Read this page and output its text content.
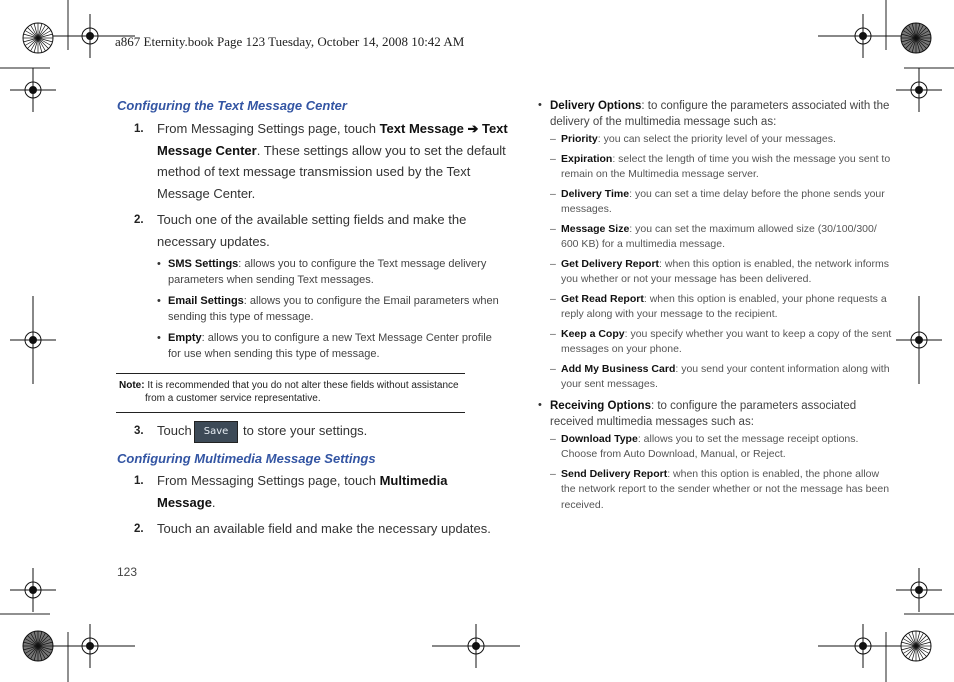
a867 Eternity.book Page 123 Tuesday, October 14, 2008 10:42 AM
Configuring the Text Message Center
1. From Messaging Settings page, touch Text Message ➔ Text
Message Center. These settings allow you to set the default
method of text message transmission used by the Text
Message Center.
2. Touch one of the available setting fields and make the
necessary updates.
• SMS Settings: allows you to configure the Text message delivery
parameters when sending Text messages.
• Email Settings: allows you to configure the Email parameters when
sending this type of message.
• Empty: allows you to configure a new Text Message Center profile
for use when sending this type of message.
Note: It is recommended that you do not alter these fields without assistance
from a customer service representative.
3. Touch	Save	to store your settings.
Configuring Multimedia Message Settings
1. From Messaging Settings page, touch Multimedia
Message.
2. Touch an available field and make the necessary updates.
123
• Delivery Options: to configure the parameters associated with the
delivery of the multimedia message such as:
– Priority: you can select the priority level of your messages.
– Expiration: select the length of time you wish the message you sent to
remain on the Multimedia message server.
– Delivery Time: you can set a time delay before the phone sends your
messages.
– Message Size: you can set the maximum allowed size (30/100/300/
600 KB) for a multimedia message.
– Get Delivery Report: when this option is enabled, the network informs
you whether or not your message has been delivered.
– Get Read Report: when this option is enabled, your phone requests a
reply along with your message to the recipient.
– Keep a Copy: you specify whether you want to keep a copy of the sent
messages on your phone.
– Add My Business Card: you send your content information along with
your sent messages.
• Receiving Options: to configure the parameters associated
received multimedia messages such as:
– Download Type: allows you to set the message receipt options.
Choose from Auto Download, Manual, or Reject.
– Send Delivery Report: when this option is enabled, the phone allow
the network report to the sender whether or not the message has been
received.
